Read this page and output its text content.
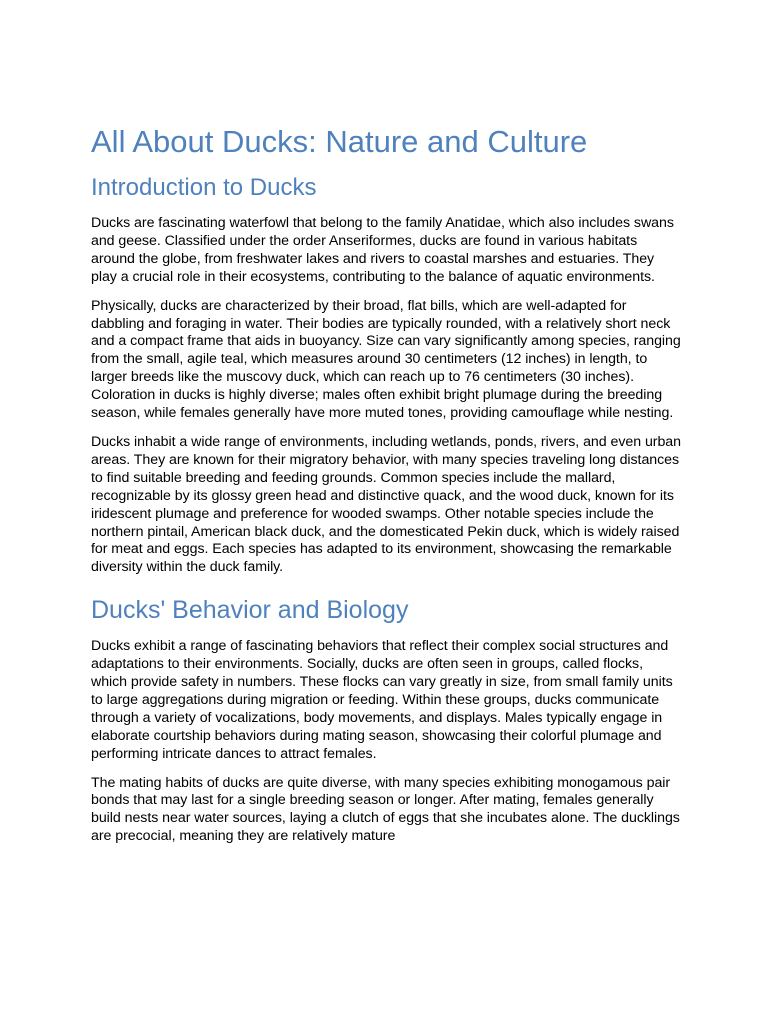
All About Ducks: Nature and Culture
Introduction to Ducks

Ducks are fascinating waterfowl that belong to the family Anatidae, which also includes swans and geese. Classified under the order Anseriformes, ducks are found in various habitats around the globe, from freshwater lakes and rivers to coastal marshes and estuaries. They play a crucial role in their ecosystems, contributing to the balance of aquatic environments.

Physically, ducks are characterized by their broad, flat bills, which are well-adapted for dabbling and foraging in water. Their bodies are typically rounded, with a relatively short neck and a compact frame that aids in buoyancy. Size can vary significantly among species, ranging from the small, agile teal, which measures around 30 centimeters (12 inches) in length, to larger breeds like the muscovy duck, which can reach up to 76 centimeters (30 inches). Coloration in ducks is highly diverse; males often exhibit bright plumage during the breeding season, while females generally have more muted tones, providing camouflage while nesting.

Ducks inhabit a wide range of environments, including wetlands, ponds, rivers, and even urban areas. They are known for their migratory behavior, with many species traveling long distances to find suitable breeding and feeding grounds. Common species include the mallard, recognizable by its glossy green head and distinctive quack, and the wood duck, known for its iridescent plumage and preference for wooded swamps. Other notable species include the northern pintail, American black duck, and the domesticated Pekin duck, which is widely raised for meat and eggs. Each species has adapted to its environment, showcasing the remarkable diversity within the duck family.

Ducks' Behavior and Biology

Ducks exhibit a range of fascinating behaviors that reflect their complex social structures and adaptations to their environments. Socially, ducks are often seen in groups, called flocks, which provide safety in numbers. These flocks can vary greatly in size, from small family units to large aggregations during migration or feeding. Within these groups, ducks communicate through a variety of vocalizations, body movements, and displays. Males typically engage in elaborate courtship behaviors during mating season, showcasing their colorful plumage and performing intricate dances to attract females.

The mating habits of ducks are quite diverse, with many species exhibiting monogamous pair bonds that may last for a single breeding season or longer. After mating, females generally build nests near water sources, laying a clutch of eggs that she incubates alone. The ducklings are precocial, meaning they are relatively mature
